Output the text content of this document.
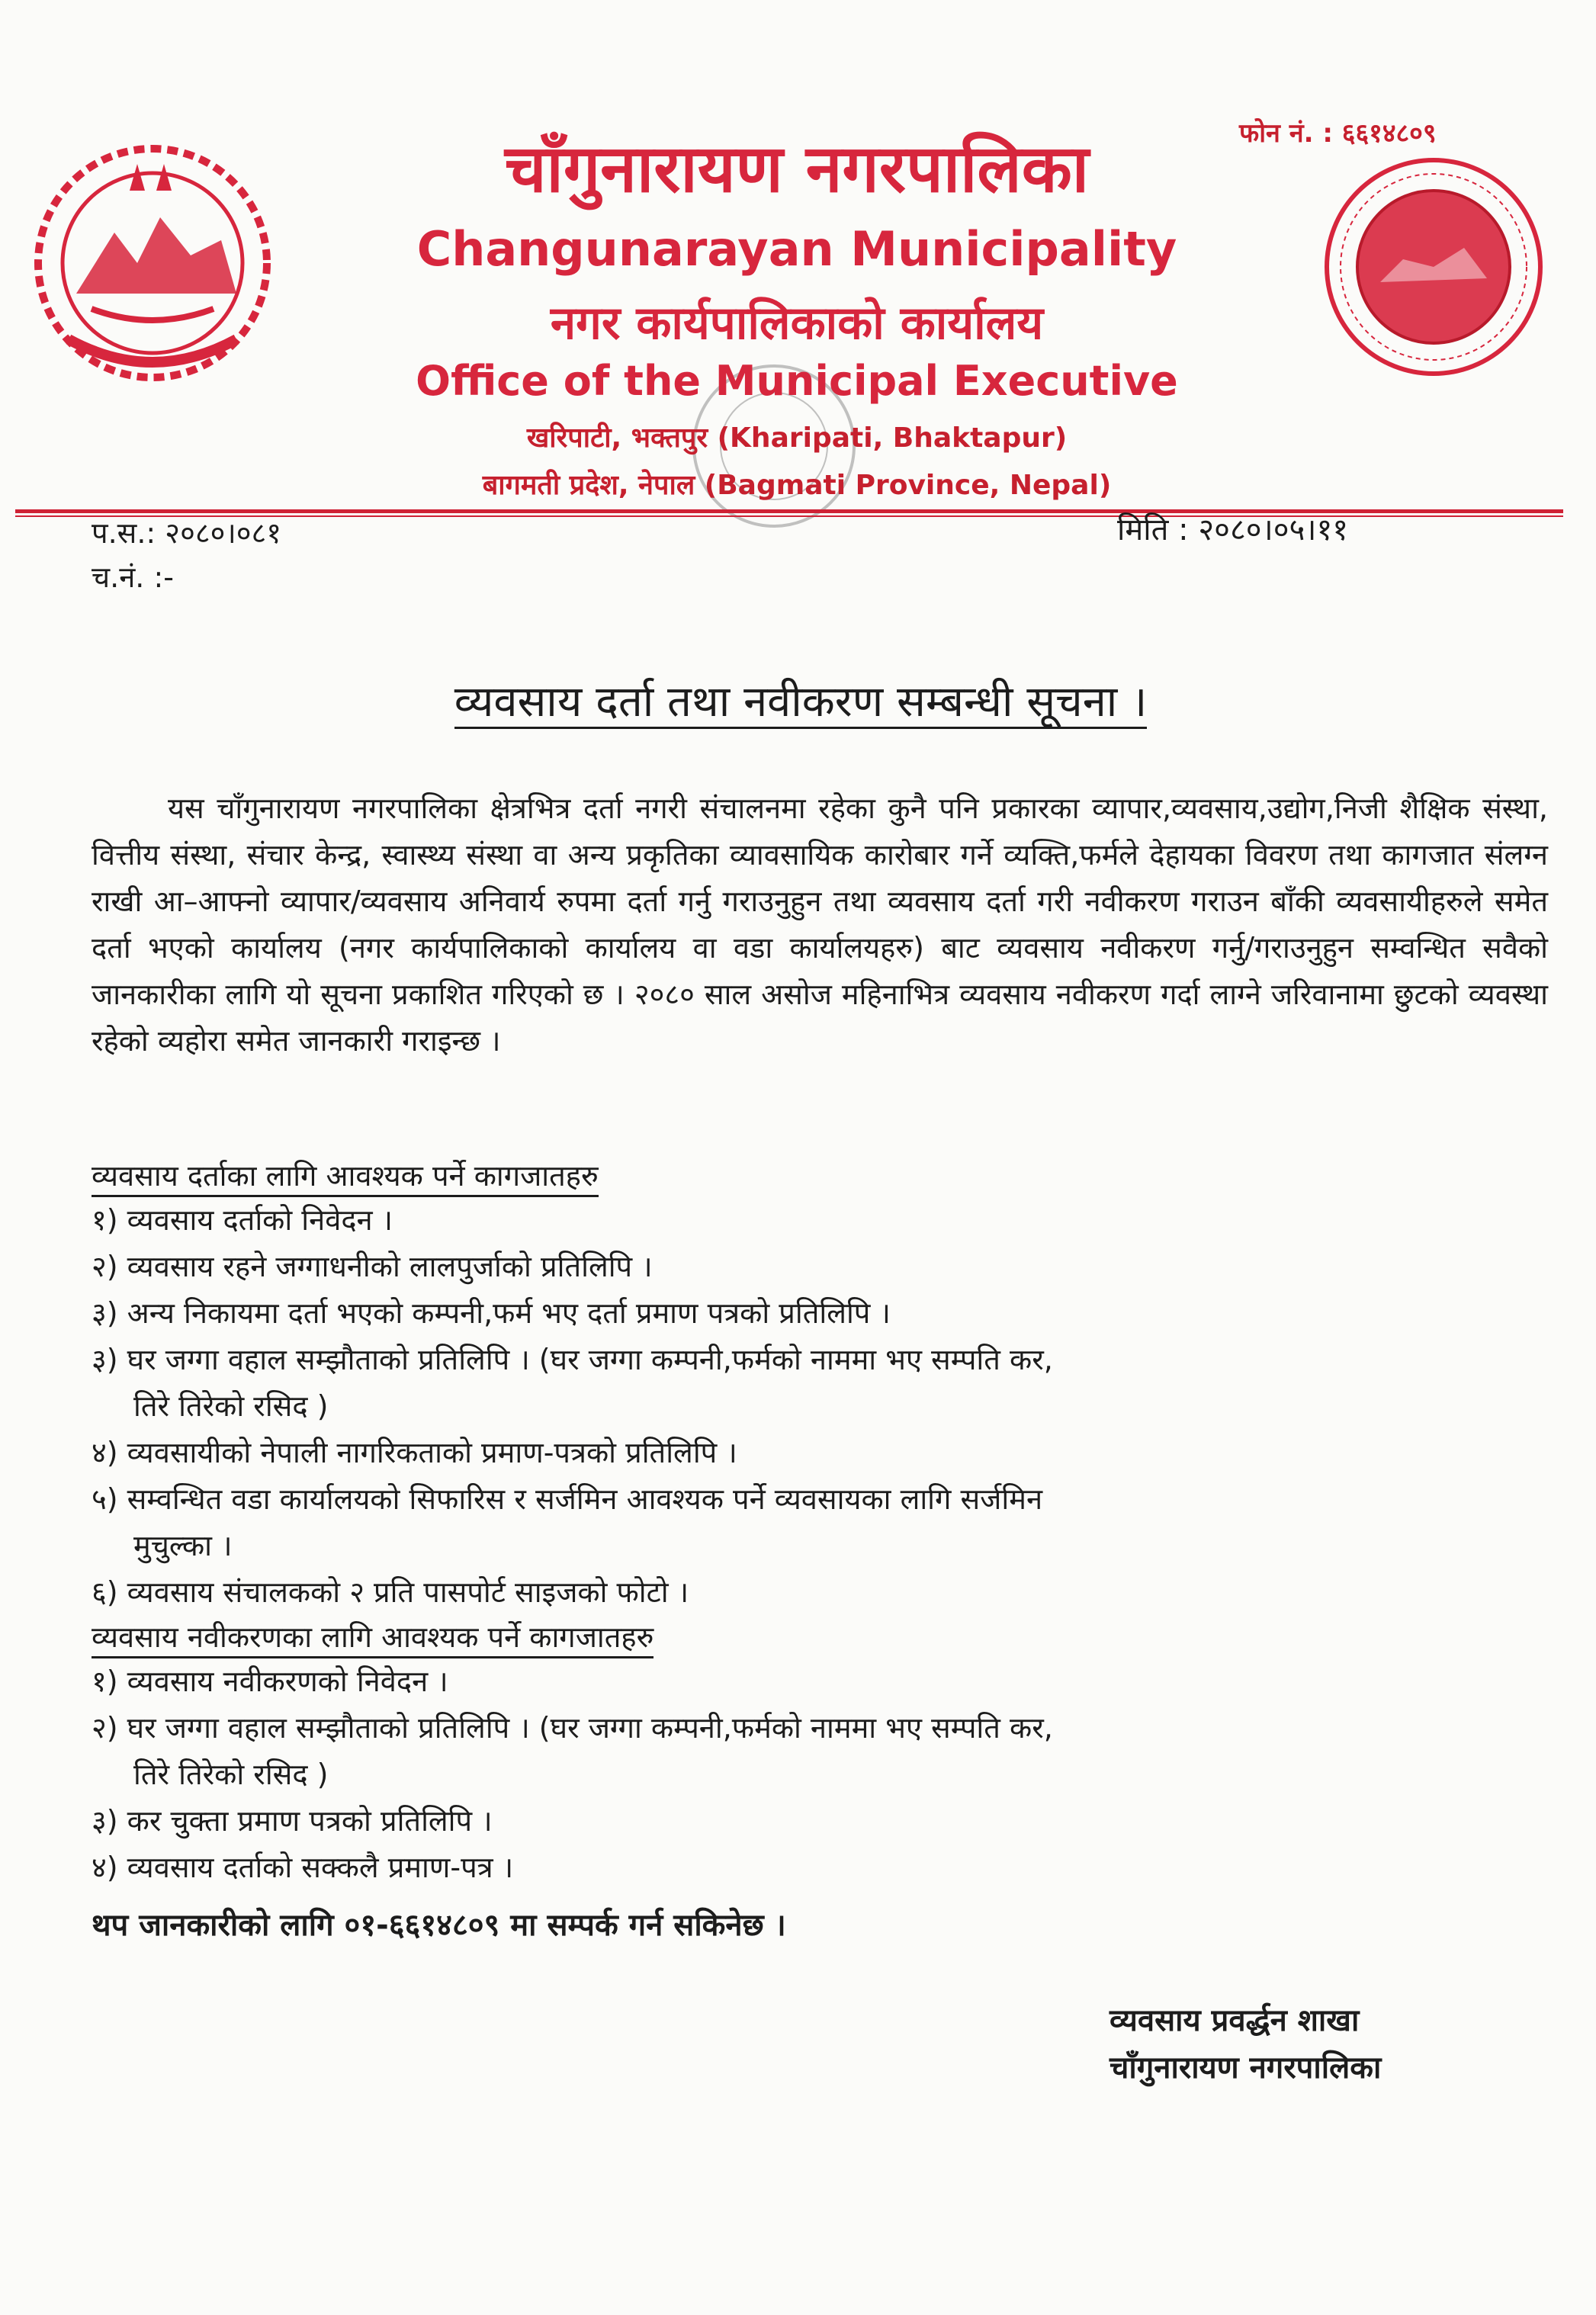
फोन नं. : ६६१४८०९
चाँगुनारायण नगरपालिका
Changunarayan Municipality
नगर कार्यपालिकाको कार्यालय
Office of the Municipal Executive
खरिपाटी, भक्तपुर (Kharipati, Bhaktapur)
बागमती प्रदेश, नेपाल (Bagmati Province, Nepal)
प.स.: २०८०।०८१
च.नं. :-
मिति : २०८०।०५।११
व्यवसाय दर्ता तथा नवीकरण सम्बन्धी सूचना ।
यस चाँगुनारायण नगरपालिका क्षेत्रभित्र दर्ता नगरी संचालनमा रहेका कुनै पनि प्रकारका व्यापार,व्यवसाय,उद्योग,निजी शैक्षिक संस्था, वित्तीय संस्था, संचार केन्द्र, स्वास्थ्य संस्था वा अन्य प्रकृतिका व्यावसायिक कारोबार गर्ने व्यक्ति,फर्मले देहायका विवरण तथा कागजात संलग्न राखी आ–आफ्नो व्यापार/व्यवसाय अनिवार्य रुपमा दर्ता गर्नु गराउनुहुन तथा व्यवसाय दर्ता गरी नवीकरण गराउन बाँकी व्यवसायीहरुले समेत दर्ता भएको कार्यालय (नगर कार्यपालिकाको कार्यालय वा वडा कार्यालयहरु) बाट व्यवसाय नवीकरण गर्नु/गराउनुहुन सम्वन्धित सवैको जानकारीका लागि यो सूचना प्रकाशित गरिएको छ । २०८० साल असोज महिनाभित्र व्यवसाय नवीकरण गर्दा लाग्ने जरिवानामा छुटको व्यवस्था रहेको व्यहोरा समेत जानकारी गराइन्छ ।
व्यवसाय दर्ताका लागि आवश्यक पर्ने कागजातहरु
१) व्यवसाय दर्ताको निवेदन ।
२) व्यवसाय रहने जग्गाधनीको लालपुर्जाको प्रतिलिपि ।
३) अन्य निकायमा दर्ता भएको कम्पनी,फर्म भए दर्ता प्रमाण पत्रको प्रतिलिपि ।
३) घर जग्गा वहाल सम्झौताको प्रतिलिपि । (घर जग्गा कम्पनी,फर्मको नाममा भए सम्पति कर,
तिरे तिरेको रसिद )
४) व्यवसायीको नेपाली नागरिकताको प्रमाण-पत्रको प्रतिलिपि ।
५) सम्वन्धित वडा कार्यालयको सिफारिस र सर्जमिन आवश्यक पर्ने व्यवसायका लागि सर्जमिन
मुचुल्का ।
६) व्यवसाय संचालकको २ प्रति पासपोर्ट साइजको फोटो ।
व्यवसाय नवीकरणका लागि आवश्यक पर्ने कागजातहरु
१) व्यवसाय नवीकरणको निवेदन ।
२) घर जग्गा वहाल सम्झौताको प्रतिलिपि । (घर जग्गा कम्पनी,फर्मको नाममा भए सम्पति कर,
तिरे तिरेको रसिद )
३) कर चुक्ता प्रमाण पत्रको प्रतिलिपि ।
४) व्यवसाय दर्ताको सक्कलै प्रमाण-पत्र ।
थप जानकारीको लागि ०१-६६१४८०९ मा सम्पर्क गर्न सकिनेछ ।
व्यवसाय प्रवर्द्धन शाखा
चाँगुनारायण नगरपालिका
